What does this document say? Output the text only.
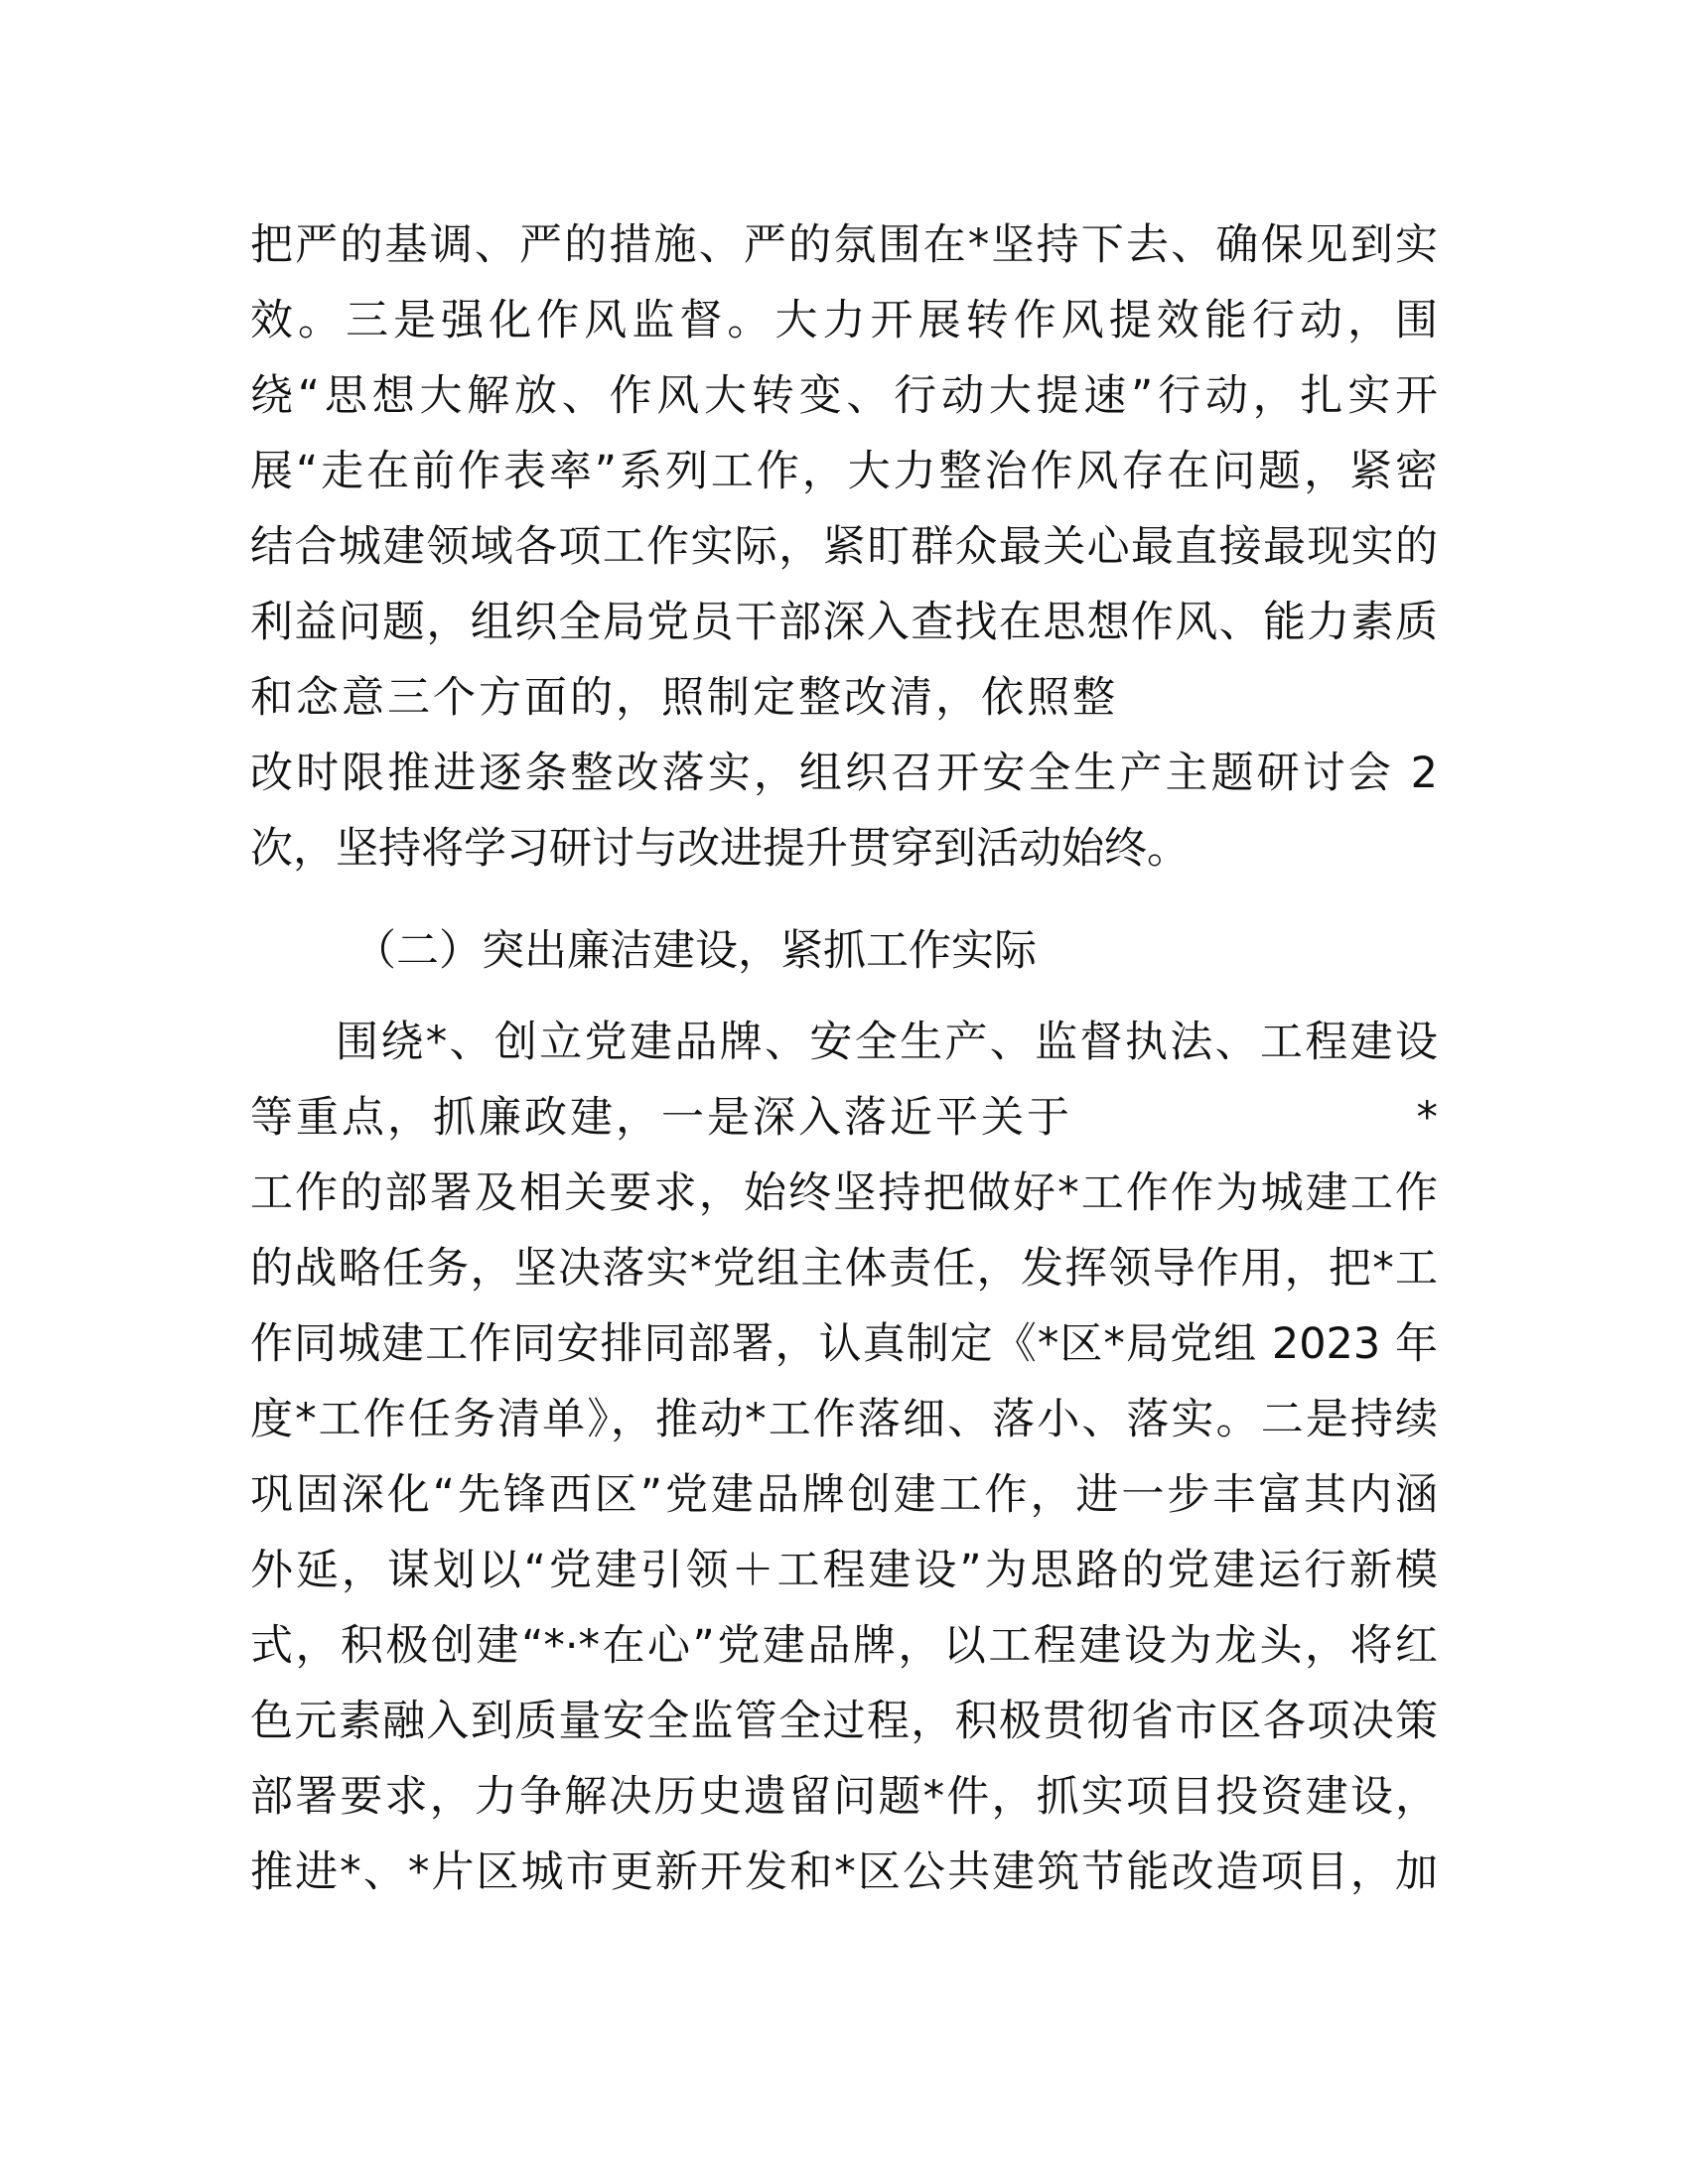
把严的基调、严的措施、严的氛围在*坚持下去、确保见到实
效。三是强化作风监督。大力开展转作风提效能行动，围
绕“思想大解放、作风大转变、行动大提速”行动，扎实开
展“走在前作表率”系列工作，大力整治作风存在问题，紧密
结合城建领域各项工作实际，紧盯群众最关心最直接最现实的
利益问题，组织全局党员干部深入查找在思想作风、能力素质
和念意三个方面的，照制定整改清，依照整
改时限推进逐条整改落实，组织召开安全生产主题研讨会 2
次，坚持将学习研讨与改进提升贯穿到活动始终。
（二）突出廉洁建设，紧抓工作实际
围绕*、创立党建品牌、安全生产、监督执法、工程建设
等重点，抓廉政建，一是深入落近平关于	*
工作的部署及相关要求，始终坚持把做好*工作作为城建工作
的战略任务，坚决落实*党组主体责任，发挥领导作用，把*工
作同城建工作同安排同部署，认真制定《*区*局党组 2023 年
度*工作任务清单》，推动*工作落细、落小、落实。二是持续
巩固深化“先锋西区”党建品牌创建工作，进一步丰富其内涵
外延，谋划以“党建引领＋工程建设”为思路的党建运行新模
式，积极创建“*·*在心”党建品牌，以工程建设为龙头，将红
色元素融入到质量安全监管全过程，积极贯彻省市区各项决策
部署要求，力争解决历史遗留问题*件，抓实项目投资建设，
推进*、*片区城市更新开发和*区公共建筑节能改造项目，加
